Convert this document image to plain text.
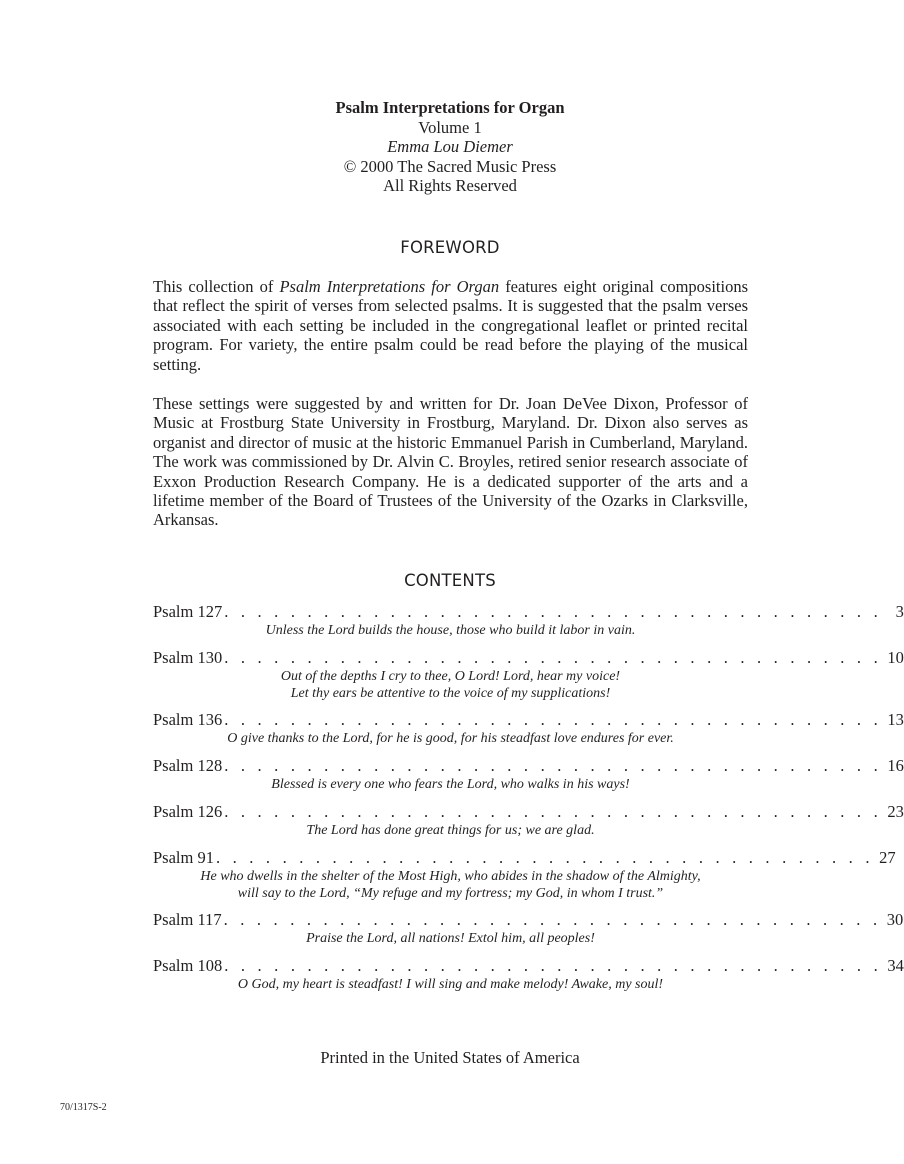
Psalm Interpretations for Organ
Volume 1
Emma Lou Diemer
© 2000 The Sacred Music Press
All Rights Reserved
FOREWORD

This collection of Psalm Interpretations for Organ features eight original compositions that reflect the spirit of verses from selected psalms. It is suggested that the psalm verses associated with each setting be included in the congregational leaflet or printed recital program. For variety, the entire psalm could be read before the playing of the musical setting.

These settings were suggested by and written for Dr. Joan DeVee Dixon, Professor of Music at Frostburg State University in Frostburg, Maryland. Dr. Dixon also serves as organist and director of music at the historic Emmanuel Parish in Cumberland, Maryland. The work was commissioned by Dr. Alvin C. Broyles, retired senior research associate of Exxon Production Research Company. He is a dedicated supporter of the arts and a lifetime member of the Board of Trustees of the University of the Ozarks in Clarksville, Arkansas.

CONTENTS
Psalm 127 . . . . . . . . . . . . . . . . . . . . . . . . . . . . . . . . . . . . . . . . 3
Unless the Lord builds the house, those who build it labor in vain.
Psalm 130 . . . . . . . . . . . . . . . . . . . . . . . . . . . . . . . . . . . . . . . . 10
Out of the depths I cry to thee, O Lord! Lord, hear my voice!
Let thy ears be attentive to the voice of my supplications!
Psalm 136 . . . . . . . . . . . . . . . . . . . . . . . . . . . . . . . . . . . . . . . . 13
O give thanks to the Lord, for he is good, for his steadfast love endures for ever.
Psalm 128 . . . . . . . . . . . . . . . . . . . . . . . . . . . . . . . . . . . . . . . . 16
Blessed is every one who fears the Lord, who walks in his ways!
Psalm 126 . . . . . . . . . . . . . . . . . . . . . . . . . . . . . . . . . . . . . . . . 23
The Lord has done great things for us; we are glad.
Psalm 91 . . . . . . . . . . . . . . . . . . . . . . . . . . . . . . . . . . . . . . . . 27
He who dwells in the shelter of the Most High, who abides in the shadow of the Almighty,
will say to the Lord, “My refuge and my fortress; my God, in whom I trust.”
Psalm 117 . . . . . . . . . . . . . . . . . . . . . . . . . . . . . . . . . . . . . . . . 30
Praise the Lord, all nations! Extol him, all peoples!
Psalm 108 . . . . . . . . . . . . . . . . . . . . . . . . . . . . . . . . . . . . . . . . 34
O God, my heart is steadfast! I will sing and make melody! Awake, my soul!
Printed in the United States of America
70/1317S-2
